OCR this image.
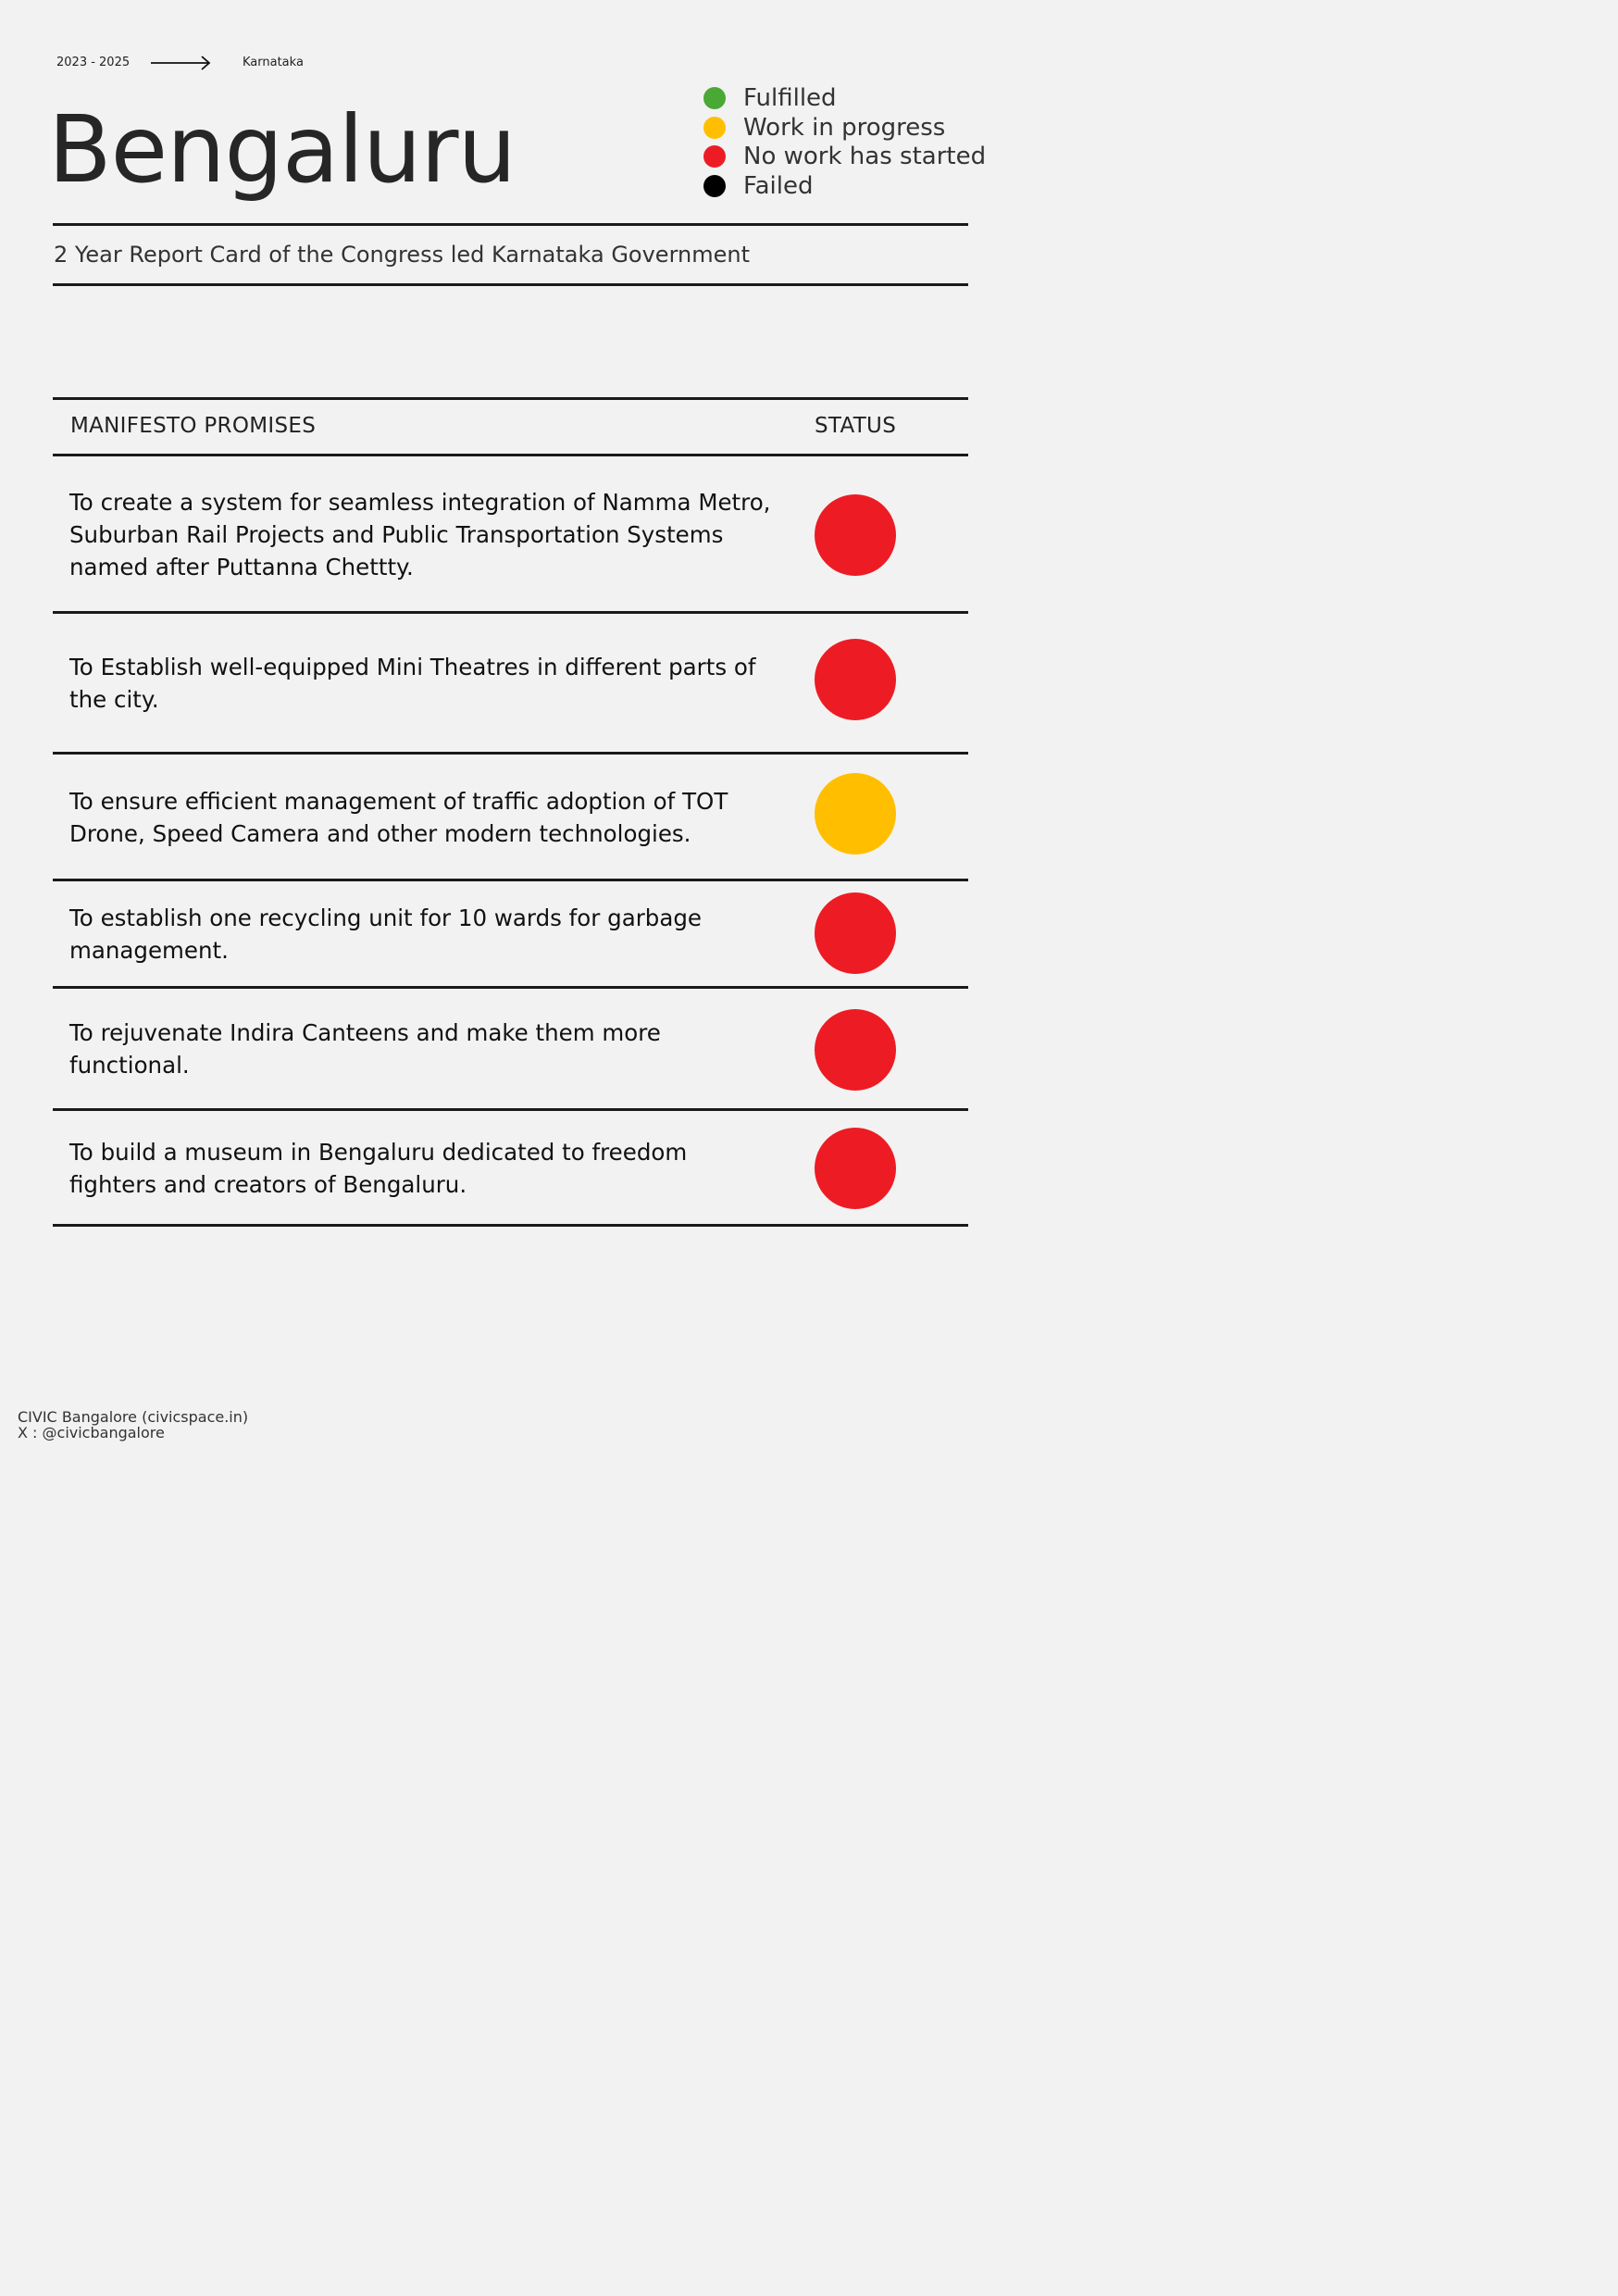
2023 - 2025	Karnataka
Bengaluru	Fulfilled
Work in progress
No work has started
Failed
2 Year Report Card of the Congress led Karnataka Government
MANIFESTO PROMISES	STATUS
To create a system for seamless integration of Namma Metro, Suburban Rail Projects and Public Transportation Systems named after Puttanna Chettty.
To Establish well-equipped Mini Theatres in different parts of the city.
To ensure efficient management of traffic adoption of TOT Drone, Speed Camera and other modern technologies.
To establish one recycling unit for 10 wards for garbage management.
To rejuvenate Indira Canteens and make them more functional.
To build a museum in Bengaluru dedicated to freedom fighters and creators of Bengaluru.
CIVIC Bangalore (civicspace.in)
X : @civicbangalore
